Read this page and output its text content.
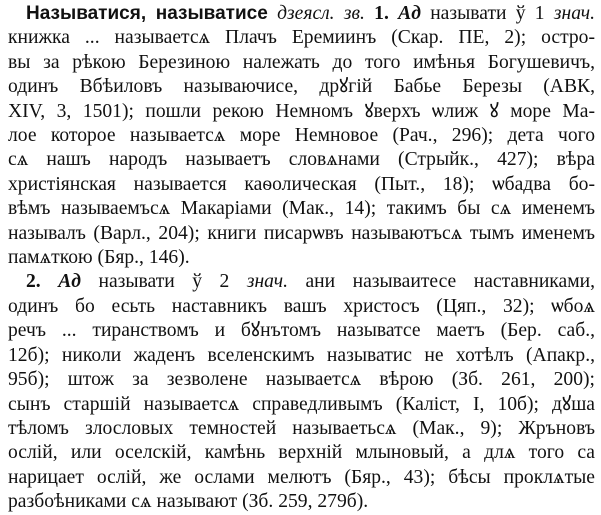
Называтися, называтисе дзеясл. зв. 1. Ад называти ў 1 знач.
книжка ... называетсѧ Плачъ Еремиинъ (Скар. ПЕ, 2); остро-
вы за рѣкою Березиною належать до того имѣнья Богушевичъ,
одинъ Вбѣиловъ называючисе, дрꙋгій Бабье Березы (АВК,
XIV, 3, 1501); пошли рекою Немномъ ꙋверхъ ѡлиж ꙋ море Ма-
лое которое называетсѧ море Немновое (Рач., 296); дета чого
сѧ нашъ народъ называетъ словѧнами (Стрыйк., 427); вѣра
христіянская называется каѳолическая (Пыт., 18); ѡбадва бо-
вѣмъ называемъсѧ Макаріами (Мак., 14); такимъ бы сѧ именемъ
называлъ (Варл., 204); книги писарѡвъ называютъсѧ тымъ именемъ
памѧткою (Бяр., 146).
2. Ад называти ў 2 знач. ани называитесе наставниками,
одинъ бо есьть наставникъ вашъ христосъ (Цяп., 32); ѡбоѧ
речъ ... тиранствомъ и бꙋнътомъ называтсе маетъ (Бер. саб.,
12б); николи жаденъ вселенскимъ называтис не хотѣлъ (Апакр.,
95б); штож за зезволене называетсѧ вѣрою (Зб. 261, 200);
сынъ старшій называетсѧ справедливымъ (Каліст, І, 10б); дꙋша
тѣломъ злословых темностей называетьсѧ (Мак., 9); Жръновъ
ослій, или оселскій, камѣнь верхній млыновый, а длѧ того са
нарицает ослій, же ослами мелютъ (Бяр., 43); бѣсы проклѧтые
разбоѣниками сѧ называют (Зб. 259, 279б).
